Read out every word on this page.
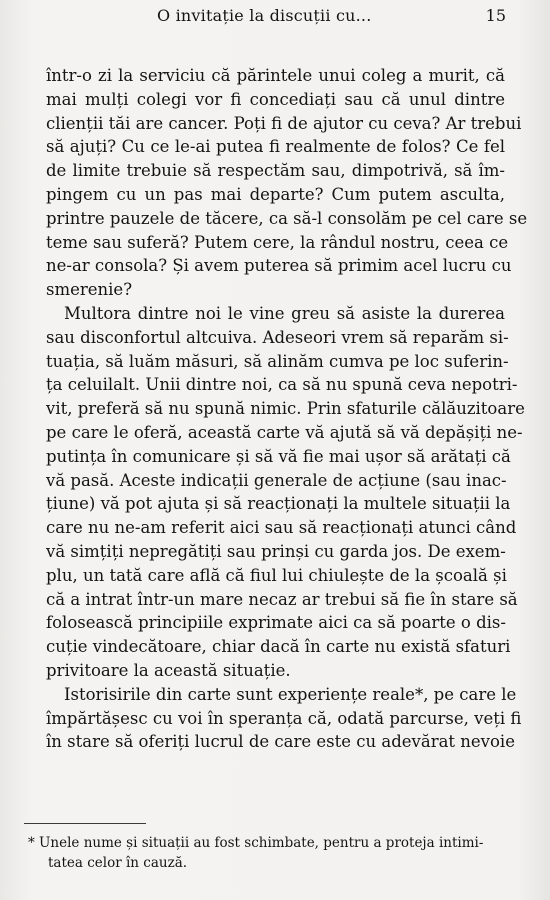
O invitație la discuții cu...	15
într-o zi la serviciu că părintele unui coleg a murit, că
mai mulți colegi vor fi concediați sau că unul dintre
clienții tăi are cancer. Poți fi de ajutor cu ceva? Ar trebui
să ajuți? Cu ce le-ai putea fi realmente de folos? Ce fel
de limite trebuie să respectăm sau, dimpotrivă, să îm-
pingem cu un pas mai departe? Cum putem asculta,
printre pauzele de tăcere, ca să-l consolăm pe cel care se
teme sau suferă? Putem cere, la rândul nostru, ceea ce
ne-ar consola? Și avem puterea să primim acel lucru cu
smerenie?
Multora dintre noi le vine greu să asiste la durerea
sau disconfortul altcuiva. Adeseori vrem să reparăm si-
tuația, să luăm măsuri, să alinăm cumva pe loc suferin-
ța celuilalt. Unii dintre noi, ca să nu spună ceva nepotri-
vit, preferă să nu spună nimic. Prin sfaturile călăuzitoare
pe care le oferă, această carte vă ajută să vă depășiți ne-
putința în comunicare și să vă fie mai ușor să arătați că
vă pasă. Aceste indicații generale de acțiune (sau inac-
țiune) vă pot ajuta și să reacționați la multele situații la
care nu ne-am referit aici sau să reacționați atunci când
vă simțiți nepregătiți sau prinși cu garda jos. De exem-
plu, un tată care află că fiul lui chiulește de la școală și
că a intrat într-un mare necaz ar trebui să fie în stare să
folosească principiile exprimate aici ca să poarte o dis-
cuție vindecătoare, chiar dacă în carte nu există sfaturi
privitoare la această situație.
Istorisirile din carte sunt experiențe reale*, pe care le
împărtășesc cu voi în speranța că, odată parcurse, veți fi
în stare să oferiți lucrul de care este cu adevărat nevoie
* Unele nume și situații au fost schimbate, pentru a proteja intimi-
tatea celor în cauză.
